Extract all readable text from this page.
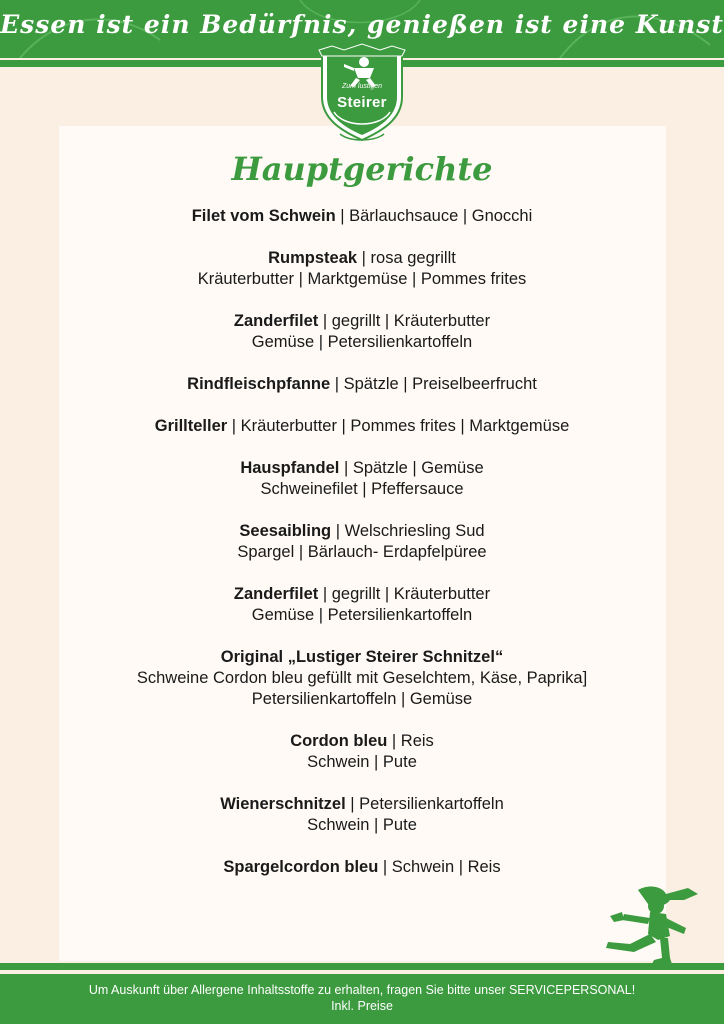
Essen ist ein Bedürfnis, genießen ist eine Kunst
Zum lustigen
Steirer
Hauptgerichte
Filet vom Schwein | Bärlauchsauce | Gnocchi
Rumpsteak | rosa gegrillt
Kräuterbutter | Marktgemüse | Pommes frites
Zanderfilet | gegrillt | Kräuterbutter
Gemüse | Petersilienkartoffeln
Rindfleischpfanne | Spätzle | Preiselbeerfrucht
Grillteller | Kräuterbutter | Pommes frites | Marktgemüse
Hauspfandel | Spätzle | Gemüse
Schweinefilet | Pfeffersauce
Seesaibling | Welschriesling Sud
Spargel | Bärlauch- Erdapfelpüree
Zanderfilet | gegrillt | Kräuterbutter
Gemüse | Petersilienkartoffeln
Original „Lustiger Steirer Schnitzel“
Schweine Cordon bleu gefüllt mit Geselchtem, Käse, Paprika]
Petersilienkartoffeln | Gemüse
Cordon bleu | Reis
Schwein | Pute
Wienerschnitzel | Petersilienkartoffeln
Schwein | Pute
Spargelcordon bleu | Schwein | Reis
Um Auskunft über Allergene Inhaltsstoffe zu erhalten, fragen Sie bitte unser SERVICEPERSONAL!
Inkl. Preise
